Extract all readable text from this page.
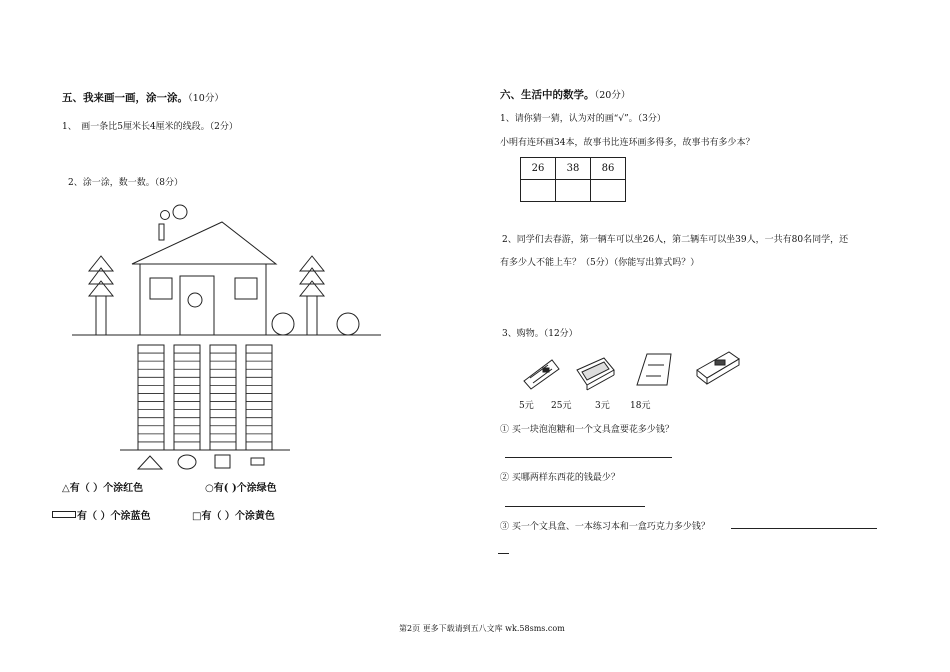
五、我来画一画，涂一涂。（10分）
1、　画一条比5厘米长4厘米的线段。（2分）
2、涂一涂，数一数。（8分）
△有（ ）个涂红色	○有( )个涂绿色
有（ ）个涂蓝色	□有（ ）个涂黄色
六、生活中的数学。（20分）
1、请你猜一猜，认为对的画“√”。（3分）
小明有连环画34本，故事书比连环画多得多，故事书有多少本？
26	38	86

2、同学们去春游，第一辆车可以坐26人，第二辆车可以坐39人，一共有80名同学，还
有多少人不能上车？（5分）（你能写出算式吗？）
3、购物。（12分）
5元 25元	3元 18元
① 买一块泡泡糖和一个文具盒要花多少钱？
② 买哪两样东西花的钱最少？
③ 买一个文具盒、一本练习本和一盒巧克力多少钱？
第2页 更多下载请到五八文库 wk.58sms.com
